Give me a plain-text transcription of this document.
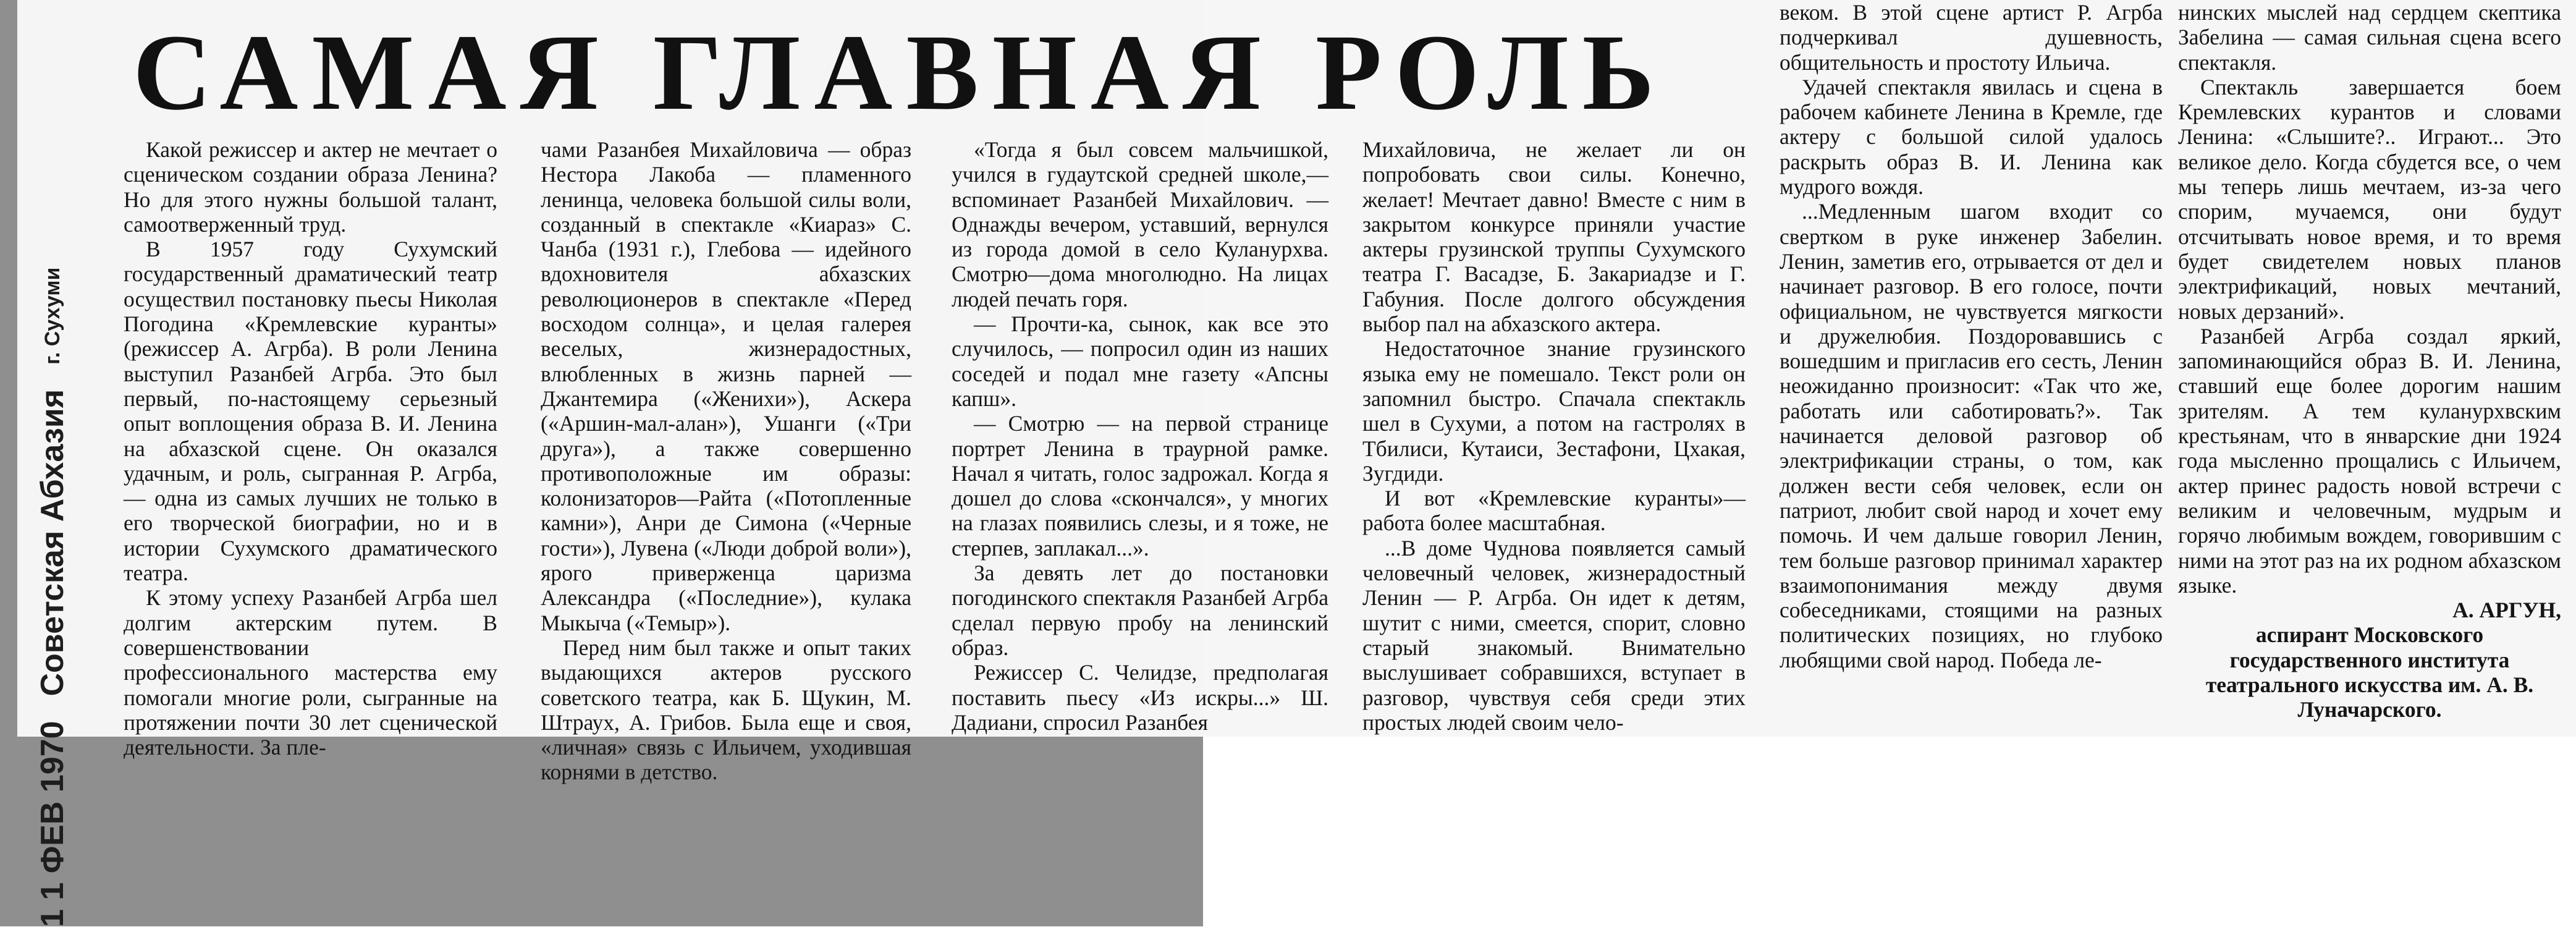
1 1 ФЕВ 1970
Советская Абхазия
г. Сухуми
САМАЯ ГЛАВНАЯ РОЛЬ

Какой режиссер и актер не мечтает о сценическом создании образа Ленина? Но для этого нужны большой талант, самоотверженный труд.

В 1957 году Сухумский государственный драматический театр осуществил постановку пьесы Николая Погодина «Кремлевские куранты» (режиссер А. Агрба). В роли Ленина выступил Разанбей Агрба. Это был первый, по-настоящему серьезный опыт воплощения образа В. И. Ленина на абхазской сцене. Он оказался удачным, и роль, сыгранная Р. Агрба, — одна из самых лучших не только в его творческой биографии, но и в истории Сухумского драматического театра.

К этому успеху Разанбей Агрба шел долгим актерским путем. В совершенствовании профессионального мастерства ему помогали многие роли, сыгранные на протяжении почти 30 лет сценической деятельности. За пле-

чами Разанбея Михайловича — образ Нестора Лакоба — пламенного ленинца, человека большой силы воли, созданный в спектакле «Киараз» С. Чанба (1931 г.), Глебова — идейного вдохновителя абхазских революционеров в спектакле «Перед восходом солнца», и целая галерея веселых, жизнерадостных, влюбленных в жизнь парней — Джантемира («Женихи»), Аскера («Аршин-мал-алан»), Ушанги («Три друга»), а также совершенно противоположные им образы: колонизаторов—Райта («Потопленные камни»), Анри де Симона («Черные гости»), Лувена («Люди доброй воли»), ярого приверженца царизма Александра («Последние»), кулака Мыкыча («Темыр»).

Перед ним был также и опыт таких выдающихся актеров русского советского театра, как Б. Щукин, М. Штраух, А. Грибов. Была еще и своя, «личная» связь с Ильичем, уходившая корнями в детство.

«Тогда я был совсем мальчишкой, учился в гудаутской средней школе,—вспоминает Разанбей Михайлович. — Однажды вечером, уставший, вернулся из города домой в село Куланурхва. Смотрю—дома многолюдно. На лицах людей печать горя.

— Прочти-ка, сынок, как все это случилось, — попросил один из наших соседей и подал мне газету «Апсны капш».

— Смотрю — на первой странице портрет Ленина в траурной рамке. Начал я читать, голос задрожал. Когда я дошел до слова «скончался», у многих на глазах появились слезы, и я тоже, не стерпев, заплакал...».

За девять лет до постановки погодинского спектакля Разанбей Агрба сделал первую пробу на ленинский образ.

Режиссер С. Челидзе, предполагая поставить пьесу «Из искры...» Ш. Дадиани, спросил Разанбея

Михайловича, не желает ли он попробовать свои силы. Конечно, желает! Мечтает давно! Вместе с ним в закрытом конкурсе приняли участие актеры грузинской труппы Сухумского театра Г. Васадзе, Б. Закариадзе и Г. Габуния. После долгого обсуждения выбор пал на абхазского актера.

Недостаточное знание грузинского языка ему не помешало. Текст роли он запомнил быстро. Спачала спектакль шел в Сухуми, а потом на гастролях в Тбилиси, Кутаиси, Зестафони, Цхакая, Зугдиди.

И вот «Кремлевские куранты»— работа более масштабная.

...В доме Чуднова появляется самый человечный человек, жизнерадостный Ленин — Р. Агрба. Он идет к детям, шутит с ними, смеется, спорит, словно старый знакомый. Внимательно выслушивает собравшихся, вступает в разговор, чувствуя себя среди этих простых людей своим чело-

веком. В этой сцене артист Р. Агрба подчеркивал душевность, общительность и простоту Ильича.

Удачей спектакля явилась и сцена в рабочем кабинете Ленина в Кремле, где актеру с большой силой удалось раскрыть образ В. И. Ленина как мудрого вождя.

...Медленным шагом входит со свертком в руке инженер Забелин. Ленин, заметив его, отрывается от дел и начинает разговор. В его голосе, почти официальном, не чувствуется мягкости и дружелюбия. Поздоровавшись с вошедшим и пригласив его сесть, Ленин неожиданно произносит: «Так что же, работать или саботировать?». Так начинается деловой разговор об электрификации страны, о том, как должен вести себя человек, если он патриот, любит свой народ и хочет ему помочь. И чем дальше говорил Ленин, тем больше разговор принимал характер взаимопонимания между двумя собеседниками, стоящими на разных политических позициях, но глубоко любящими свой народ. Победа ле-

нинских мыслей над сердцем скептика Забелина — самая сильная сцена всего спектакля.

Спектакль завершается боем Кремлевских курантов и словами Ленина: «Слышите?.. Играют... Это великое дело. Когда сбудется все, о чем мы теперь лишь мечтаем, из-за чего спорим, мучаемся, они будут отсчитывать новое время, и то время будет свидетелем новых планов электрификаций, новых мечтаний, новых дерзаний».

Разанбей Агрба создал яркий, запоминающийся образ В. И. Ленина, ставший еще более дорогим нашим зрителям. А тем куланурхвским крестьянам, что в январские дни 1924 года мысленно прощались с Ильичем, актер принес радость новой встречи с великим и человечным, мудрым и горячо любимым вождем, говорившим с ними на этот раз на их родном абхазском языке.

А. АРГУН,

аспирант Московского государственного института театрального искусства им. А. В. Луначарского.
